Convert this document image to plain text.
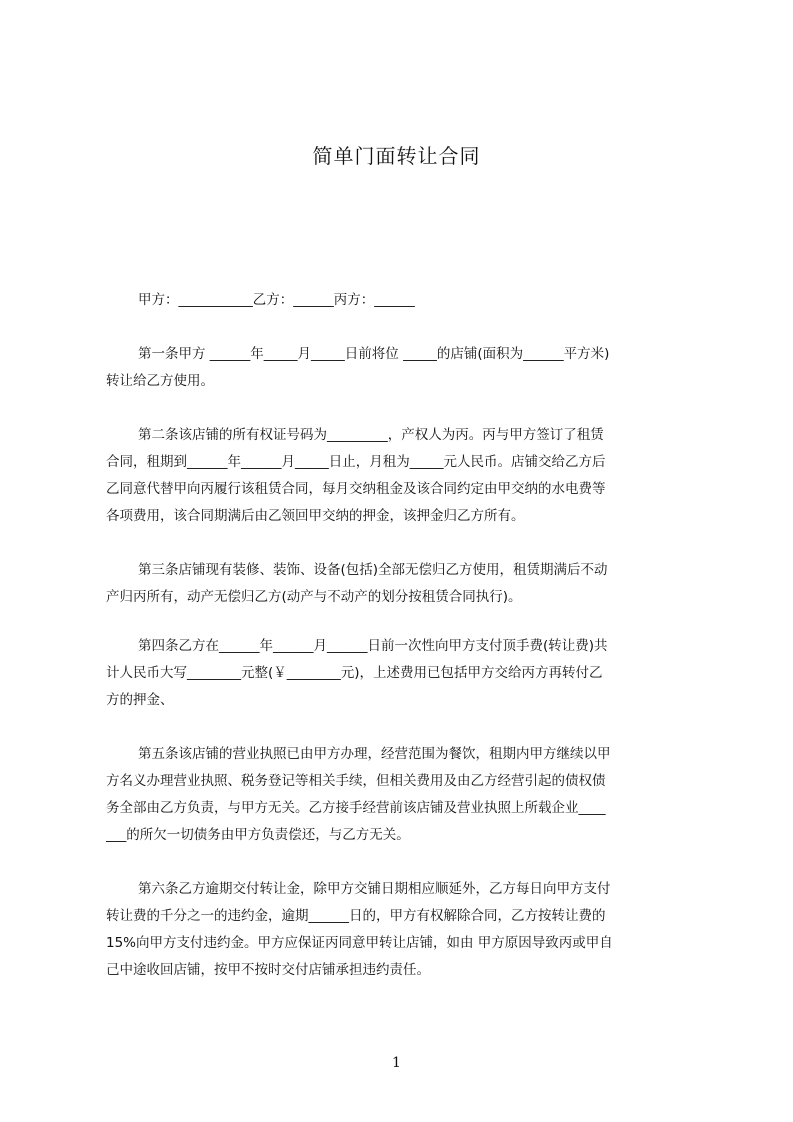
简单门面转让合同
甲方：___________乙方：______丙方：______
第一条甲方 ______年_____月_____日前将位 _____的店铺(面积为______平方米)
转让给乙方使用。
第二条该店铺的所有权证号码为_________，产权人为丙。丙与甲方签订了租赁
合同，租期到______年______月_____日止，月租为_____元人民币。店铺交给乙方后
乙同意代替甲向丙履行该租赁合同，每月交纳租金及该合同约定由甲交纳的水电费等
各项费用，该合同期满后由乙领回甲交纳的押金，该押金归乙方所有。
第三条店铺现有装修、装饰、设备(包括)全部无偿归乙方使用，租赁期满后不动
产归丙所有，动产无偿归乙方(动产与不动产的划分按租赁合同执行)。
第四条乙方在______年______月______日前一次性向甲方支付顶手费(转让费)共
计人民币大写________元整(￥________元)，上述费用已包括甲方交给丙方再转付乙
方的押金、
第五条该店铺的营业执照已由甲方办理，经营范围为餐饮，租期内甲方继续以甲
方名义办理营业执照、税务登记等相关手续，但相关费用及由乙方经营引起的债权债
务全部由乙方负责，与甲方无关。乙方接手经营前该店铺及营业执照上所载企业____
___的所欠一切债务由甲方负责偿还，与乙方无关。
第六条乙方逾期交付转让金，除甲方交铺日期相应顺延外，乙方每日向甲方支付
转让费的千分之一的违约金，逾期______日的，甲方有权解除合同，乙方按转让费的
15%向甲方支付违约金。甲方应保证丙同意甲转让店铺，如由 甲方原因导致丙或甲自
己中途收回店铺，按甲不按时交付店铺承担违约责任。
1
